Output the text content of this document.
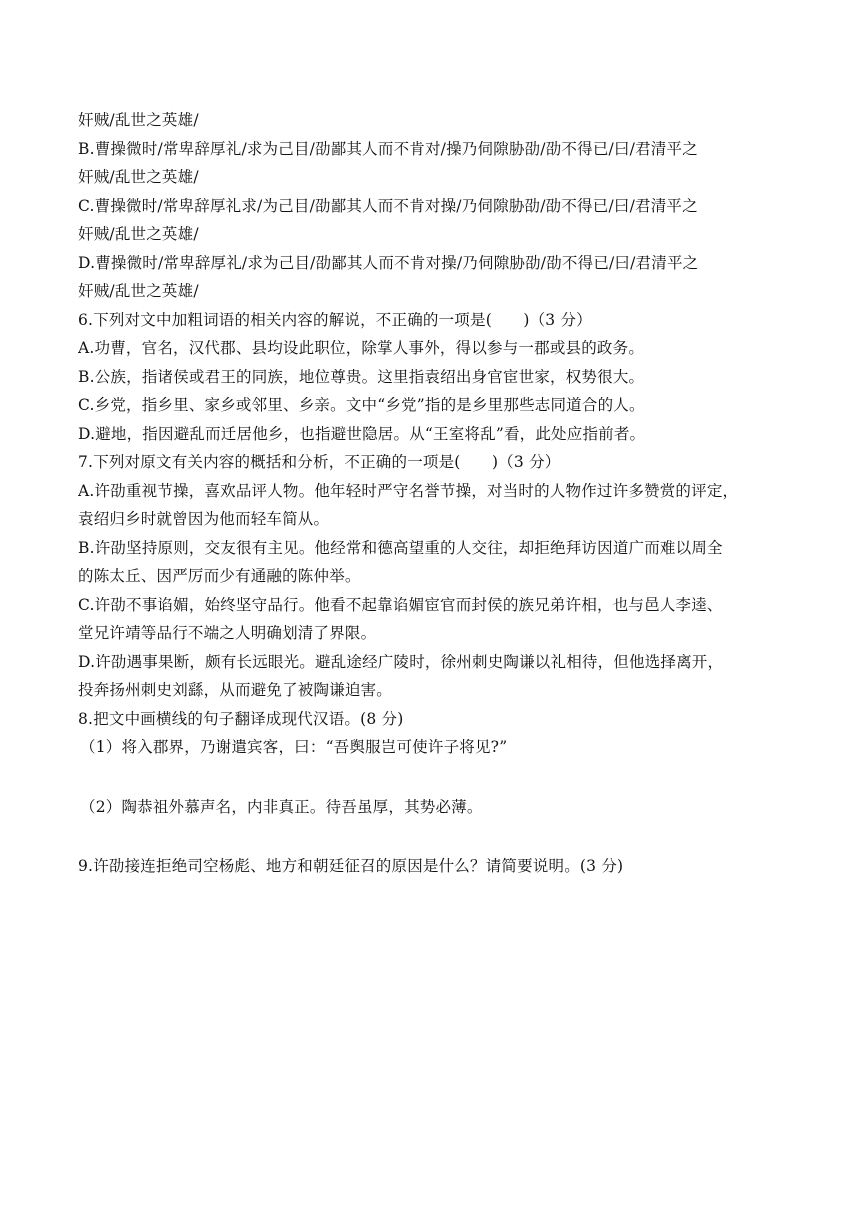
奸贼/乱世之英雄/
B.曹操微时/常卑辞厚礼/求为己目/劭鄙其人而不肯对/操乃伺隙胁劭/劭不得已/曰/君清平之
奸贼/乱世之英雄/
C.曹操微时/常卑辞厚礼求/为己目/劭鄙其人而不肯对操/乃伺隙胁劭/劭不得已/曰/君清平之
奸贼/乱世之英雄/
D.曹操微时/常卑辞厚礼/求为己目/劭鄙其人而不肯对操/乃伺隙胁劭/劭不得已/曰/君清平之
奸贼/乱世之英雄/
6.下列对文中加粗词语的相关内容的解说，不正确的一项是(　　)（3 分）
A.功曹，官名，汉代郡、县均设此职位，除掌人事外，得以参与一郡或县的政务。
B.公族，指诸侯或君王的同族，地位尊贵。这里指袁绍出身官宦世家，权势很大。
C.乡党，指乡里、家乡或邻里、乡亲。文中“乡党”指的是乡里那些志同道合的人。
D.避地，指因避乱而迁居他乡，也指避世隐居。从“王室将乱”看，此处应指前者。
7.下列对原文有关内容的概括和分析，不正确的一项是(　　)（3 分）
A.许劭重视节操，喜欢品评人物。他年轻时严守名誉节操，对当时的人物作过许多赞赏的评定，
袁绍归乡时就曾因为他而轻车简从。
B.许劭坚持原则，交友很有主见。他经常和德高望重的人交往，却拒绝拜访因道广而难以周全
的陈太丘、因严厉而少有通融的陈仲举。
C.许劭不事谄媚，始终坚守品行。他看不起靠谄媚宦官而封侯的族兄弟许相，也与邑人李逵、
堂兄许靖等品行不端之人明确划清了界限。
D.许劭遇事果断，颇有长远眼光。避乱途经广陵时，徐州刺史陶谦以礼相待，但他选择离开，
投奔扬州刺史刘繇，从而避免了被陶谦迫害。
8.把文中画横线的句子翻译成现代汉语。(8 分)
（1）将入郡界，乃谢遣宾客，曰：“吾舆服岂可使许子将见?”
（2）陶恭祖外慕声名，内非真正。待吾虽厚，其势必薄。
9.许劭接连拒绝司空杨彪、地方和朝廷征召的原因是什么？请简要说明。(3 分)
